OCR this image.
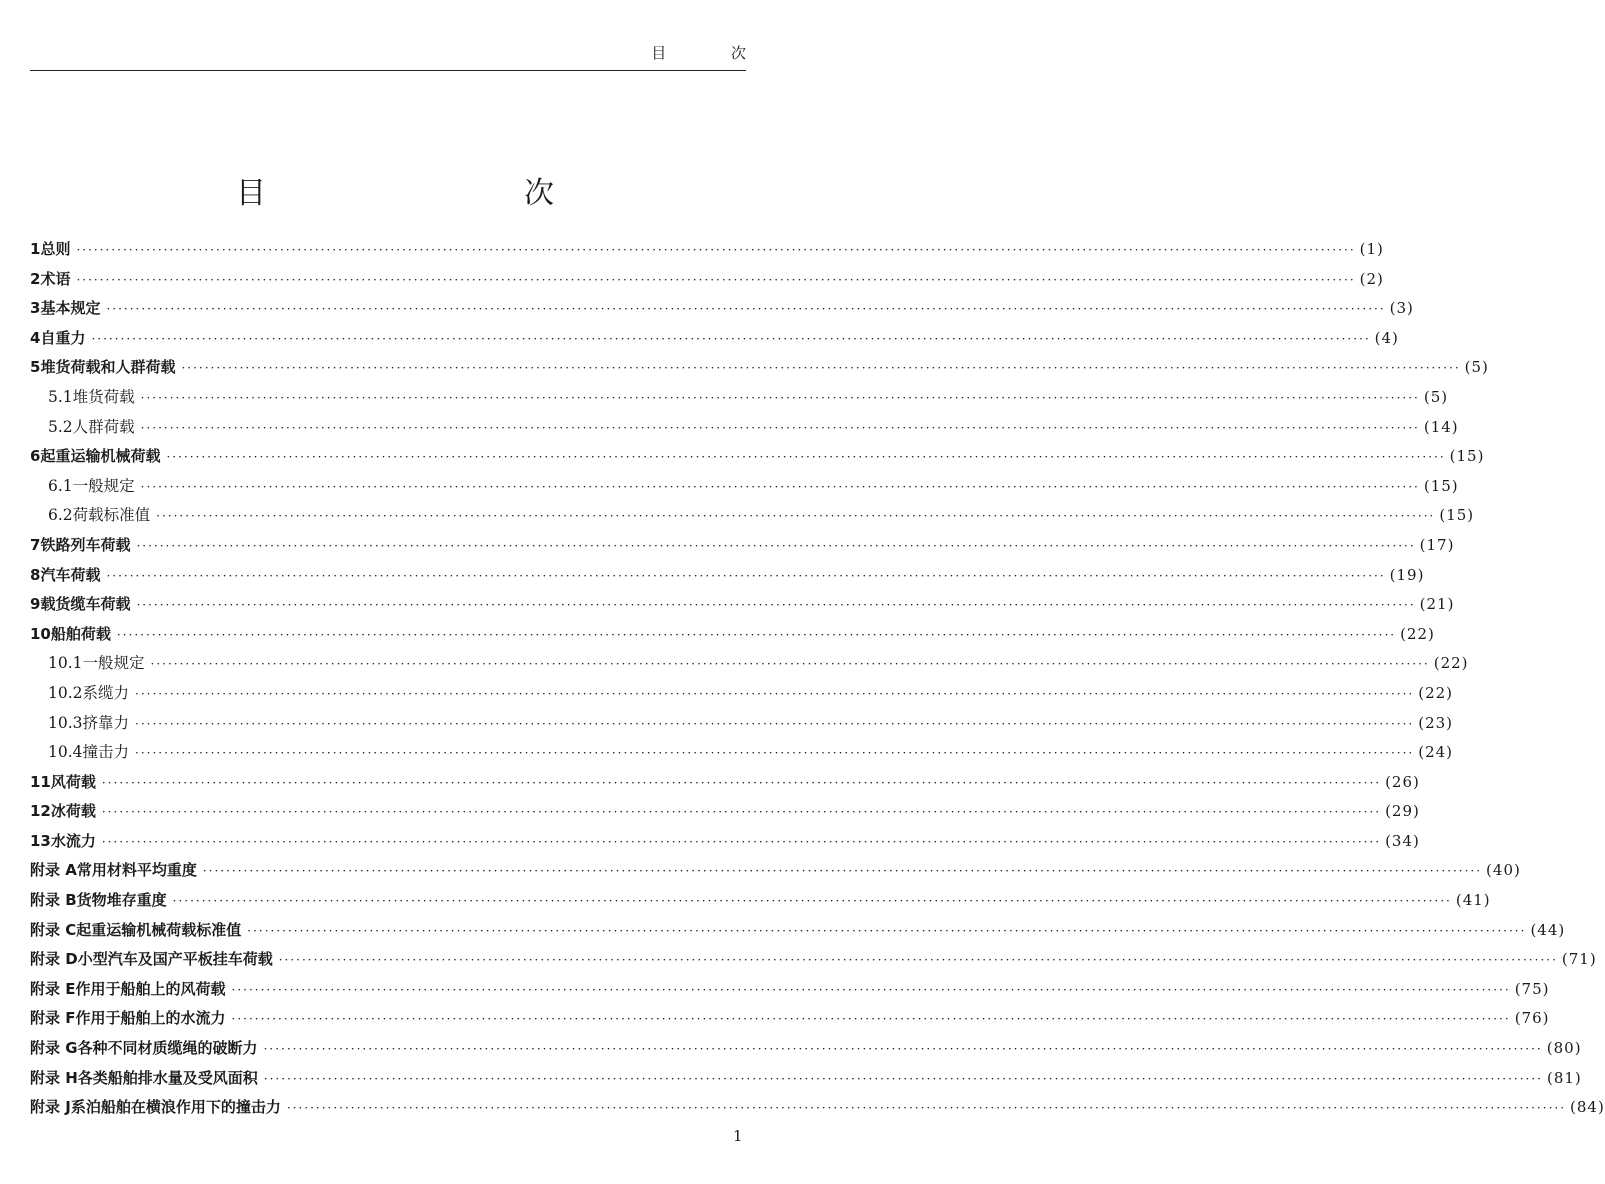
目 次
目　　次
1 总则 ···························································································································································································································· (1)
2 术语 ···························································································································································································································· (2)
3 基本规定 ···························································································································································································································· (3)
4 自重力 ···························································································································································································································· (4)
5 堆货荷载和人群荷载 ···························································································································································································································· (5)
5.1 堆货荷载 ···························································································································································································································· (5)
5.2 人群荷载 ···························································································································································································································· (14)
6 起重运输机械荷载 ···························································································································································································································· (15)
6.1 一般规定 ···························································································································································································································· (15)
6.2 荷载标准值 ···························································································································································································································· (15)
7 铁路列车荷载 ···························································································································································································································· (17)
8 汽车荷载 ···························································································································································································································· (19)
9 载货缆车荷载 ···························································································································································································································· (21)
10 船舶荷载 ···························································································································································································································· (22)
10.1 一般规定 ···························································································································································································································· (22)
10.2 系缆力 ···························································································································································································································· (22)
10.3 挤靠力 ···························································································································································································································· (23)
10.4 撞击力 ···························································································································································································································· (24)
11 风荷载 ···························································································································································································································· (26)
12 冰荷载 ···························································································································································································································· (29)
13 水流力 ···························································································································································································································· (34)
附录 A 常用材料平均重度 ···························································································································································································································· (40)
附录 B 货物堆存重度 ···························································································································································································································· (41)
附录 C 起重运输机械荷载标准值 ···························································································································································································································· (44)
附录 D 小型汽车及国产平板挂车荷载 ···························································································································································································································· (71)
附录 E 作用于船舶上的风荷载 ···························································································································································································································· (75)
附录 F 作用于船舶上的水流力 ···························································································································································································································· (76)
附录 G 各种不同材质缆绳的破断力 ···························································································································································································································· (80)
附录 H 各类船舶排水量及受风面积 ···························································································································································································································· (81)
附录 J 系泊船舶在横浪作用下的撞击力 ···························································································································································································································· (84)
1
